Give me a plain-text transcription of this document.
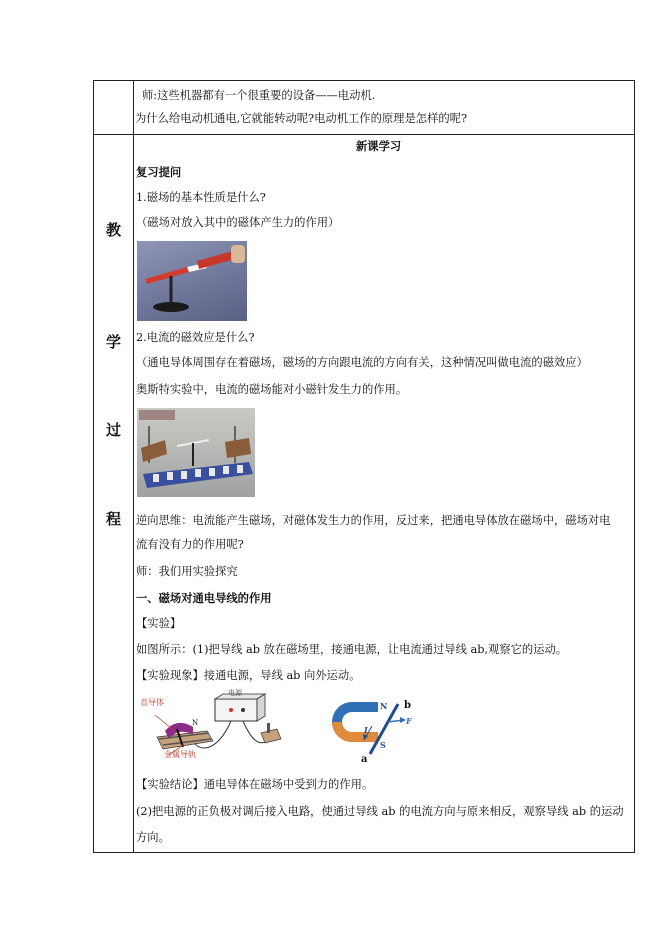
师:这些机器都有一个很重要的设备——电动机.
为什么给电动机通电,它就能转动呢?电动机工作的原理是怎样的呢?
教
学
过
程
新课学习
复习提问
1.磁场的基本性质是什么?
（磁场对放入其中的磁体产生力的作用）
2.电流的磁效应是什么?
（通电导体周围存在着磁场，磁场的方向跟电流的方向有关，这种情况叫做电流的磁效应）
奥斯特实验中，电流的磁场能对小磁针发生力的作用。
逆向思维：电流能产生磁场，对磁体发生力的作用，反过来，把通电导体放在磁场中，磁场对电
流有没有力的作用呢?
师：我们用实验探究
一、磁场对通电导线的作用
【实验】
如图所示：(1)把导线 ab 放在磁场里，接通电源，让电流通过导线 ab,观察它的运动。
【实验现象】接通电源，导线 ab 向外运动。
直导体
金属导轨
电源
N
N
S
b
a
F
I
【实验结论】通电导体在磁场中受到力的作用。
(2)把电源的正负极对调后接入电路，使通过导线 ab 的电流方向与原来相反，观察导线 ab 的运动
方向。
